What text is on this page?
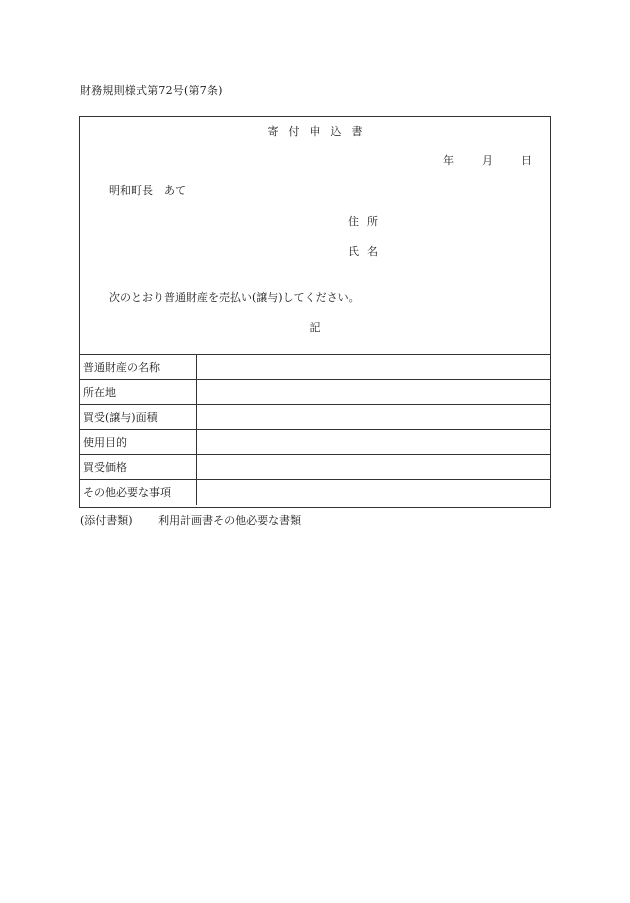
財務規則様式第72号(第7条)
寄付申込書
年	月	日
明和町長　あて
住所
氏名
次のとおり普通財産を売払い(譲与)してください。
記
普通財産の名称	
所在地	
買受(譲与)面積	
使用目的	
買受価格	
その他必要な事項	
(添付書類) 利用計画書その他必要な書類
